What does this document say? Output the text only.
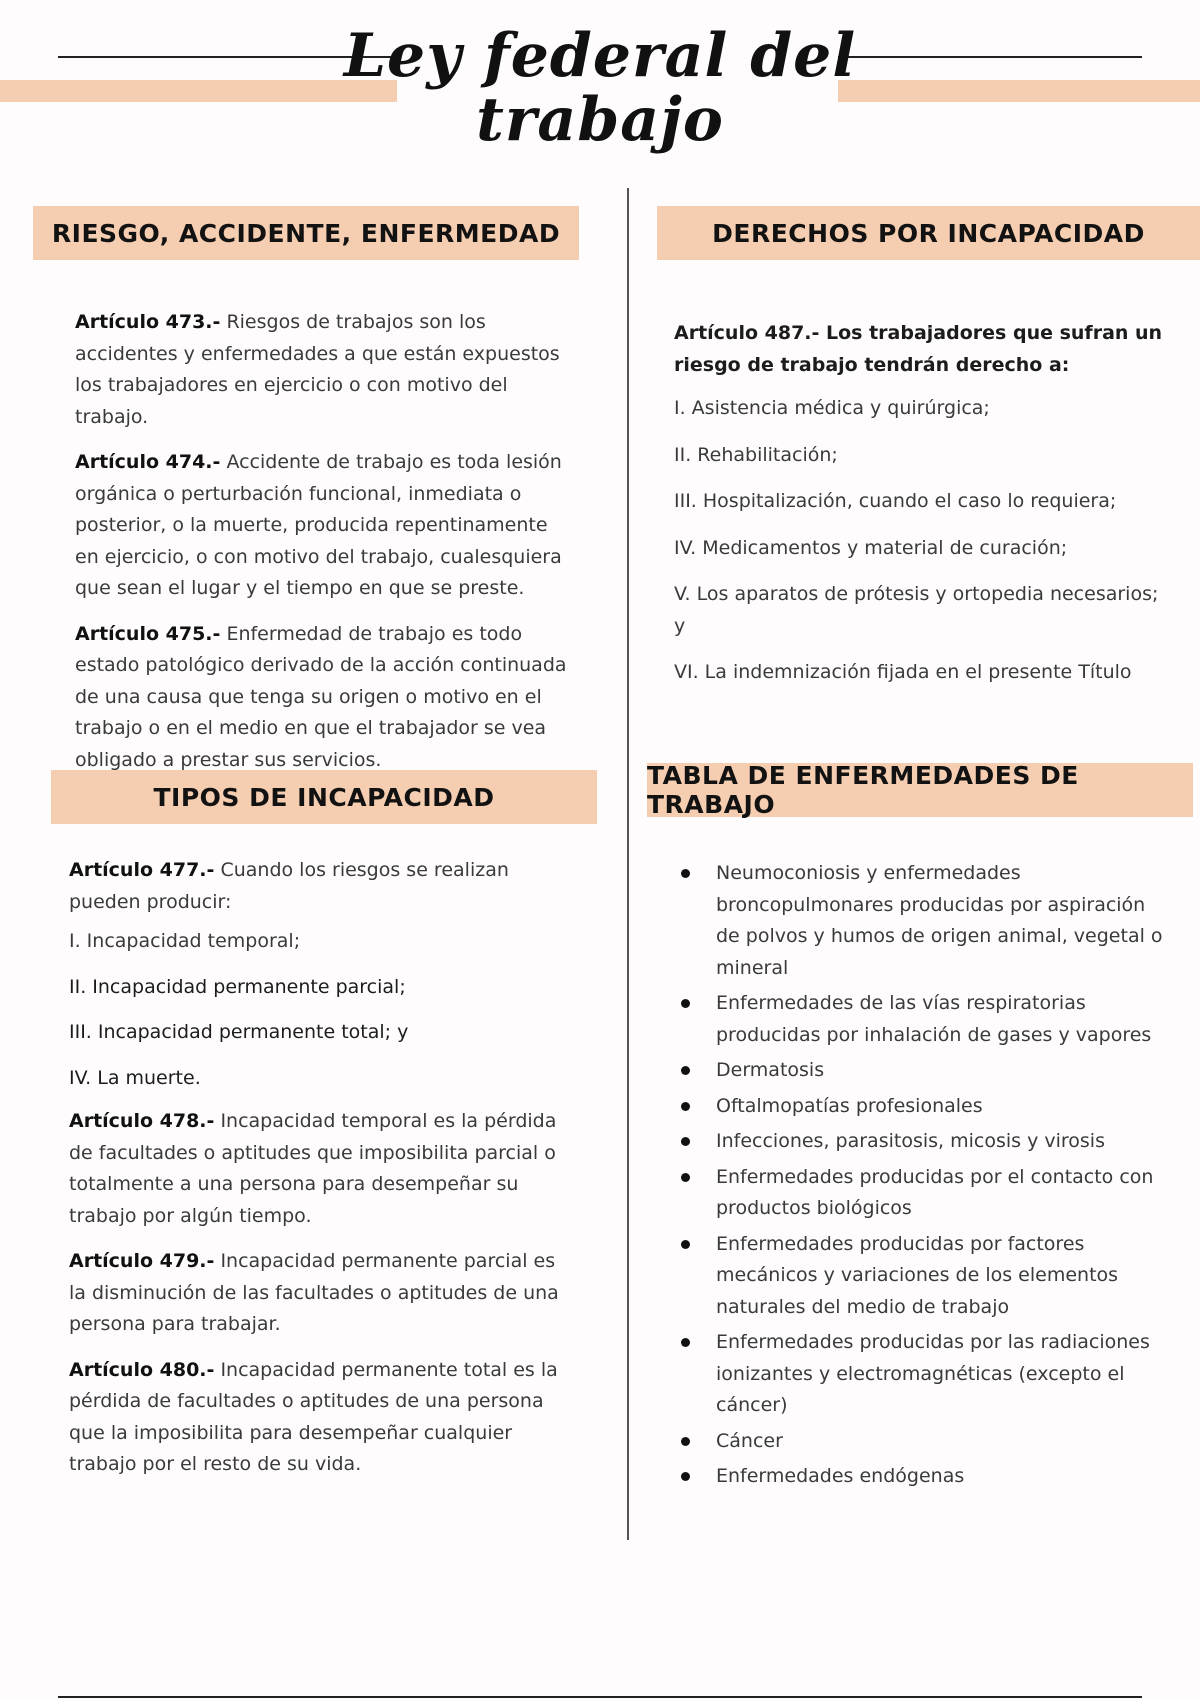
Ley federal del
trabajo
RIESGO, ACCIDENTE, ENFERMEDAD

Artículo 473.- Riesgos de trabajos son los accidentes y enfermedades a que están expuestos los trabajadores en ejercicio o con motivo del trabajo.

Artículo 474.- Accidente de trabajo es toda lesión orgánica o perturbación funcional, inmediata o posterior, o la muerte, producida repentinamente en ejercicio, o con motivo del trabajo, cualesquiera que sean el lugar y el tiempo en que se preste.

Artículo 475.- Enfermedad de trabajo es todo estado patológico derivado de la acción continuada de una causa que tenga su origen o motivo en el trabajo o en el medio en que el trabajador se vea obligado a prestar sus servicios.

DERECHOS POR INCAPACIDAD

Artículo 487.- Los trabajadores que sufran un riesgo de trabajo tendrán derecho a:

I. Asistencia médica y quirúrgica;
II. Rehabilitación;
III. Hospitalización, cuando el caso lo requiera;
IV. Medicamentos y material de curación;
V. Los aparatos de prótesis y ortopedia necesarios; y
VI. La indemnización fijada en el presente Título
TIPOS DE INCAPACIDAD

Artículo 477.- Cuando los riesgos se realizan pueden producir:

I. Incapacidad temporal;
II. Incapacidad permanente parcial;
III. Incapacidad permanente total; y
IV. La muerte.

Artículo 478.- Incapacidad temporal es la pérdida de facultades o aptitudes que imposibilita parcial o totalmente a una persona para desempeñar su trabajo por algún tiempo.

Artículo 479.- Incapacidad permanente parcial es la disminución de las facultades o aptitudes de una persona para trabajar.

Artículo 480.- Incapacidad permanente total es la pérdida de facultades o aptitudes de una persona que la imposibilita para desempeñar cualquier trabajo por el resto de su vida.

TABLA DE ENFERMEDADES DE TRABAJO
Neumoconiosis y enfermedades broncopulmonares producidas por aspiración de polvos y humos de origen animal, vegetal o mineral
Enfermedades de las vías respiratorias producidas por inhalación de gases y vapores
Dermatosis
Oftalmopatías profesionales
Infecciones, parasitosis, micosis y virosis
Enfermedades producidas por el contacto con productos biológicos
Enfermedades producidas por factores mecánicos y variaciones de los elementos naturales del medio de trabajo
Enfermedades producidas por las radiaciones ionizantes y electromagnéticas (excepto el cáncer)
Cáncer
Enfermedades endógenas
